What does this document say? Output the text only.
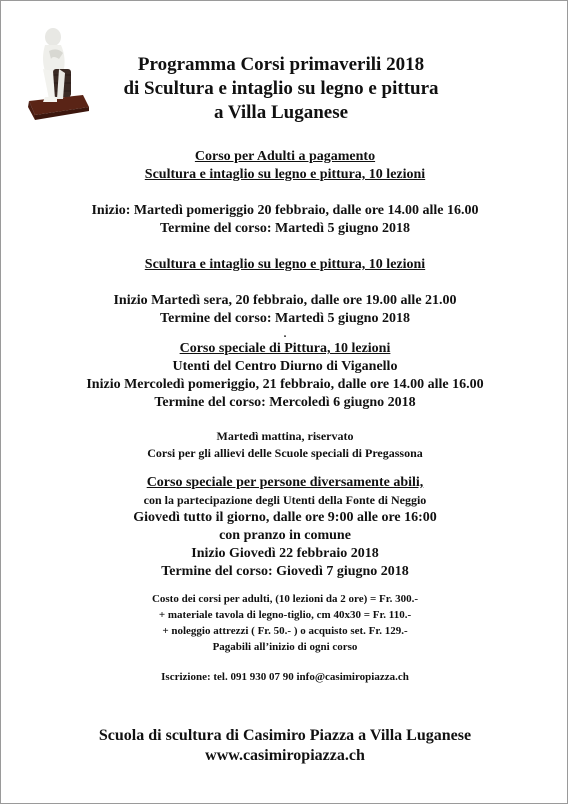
Programma Corsi primaverili 2018
di Scultura e intaglio su legno e pittura
a Villa Luganese
Corso per Adulti a pagamento
Scultura e intaglio su legno e pittura, 10 lezioni
Inizio: Martedì pomeriggio 20 febbraio, dalle ore 14.00 alle 16.00
Termine del corso: Martedì 5 giugno 2018
Scultura e intaglio su legno e pittura, 10 lezioni
Inizio Martedì sera, 20 febbraio, dalle ore 19.00 alle 21.00
Termine del corso: Martedì 5 giugno 2018
.
Corso speciale di Pittura, 10 lezioni
Utenti del Centro Diurno di Viganello
Inizio Mercoledì pomeriggio, 21 febbraio, dalle ore 14.00 alle 16.00
Termine del corso: Mercoledì 6 giugno 2018
Martedì mattina, riservato
Corsi per gli allievi delle Scuole speciali di Pregassona
Corso speciale per persone diversamente abili,
con la partecipazione degli Utenti della Fonte di Neggio
Giovedì tutto il giorno, dalle ore 9:00 alle ore 16:00
con pranzo in comune
Inizio Giovedì 22 febbraio 2018
Termine del corso: Giovedì 7 giugno 2018
Costo dei corsi per adulti, (10 lezioni da 2 ore) = Fr. 300.-
+ materiale tavola di legno-tiglio, cm 40x30 = Fr. 110.-
+ noleggio attrezzi ( Fr. 50.- ) o acquisto set. Fr. 129.-
Pagabili all’inizio di ogni corso
Iscrizione: tel. 091 930 07 90 info@casimiropiazza.ch
Scuola di scultura di Casimiro Piazza a Villa Luganese
www.casimiropiazza.ch
